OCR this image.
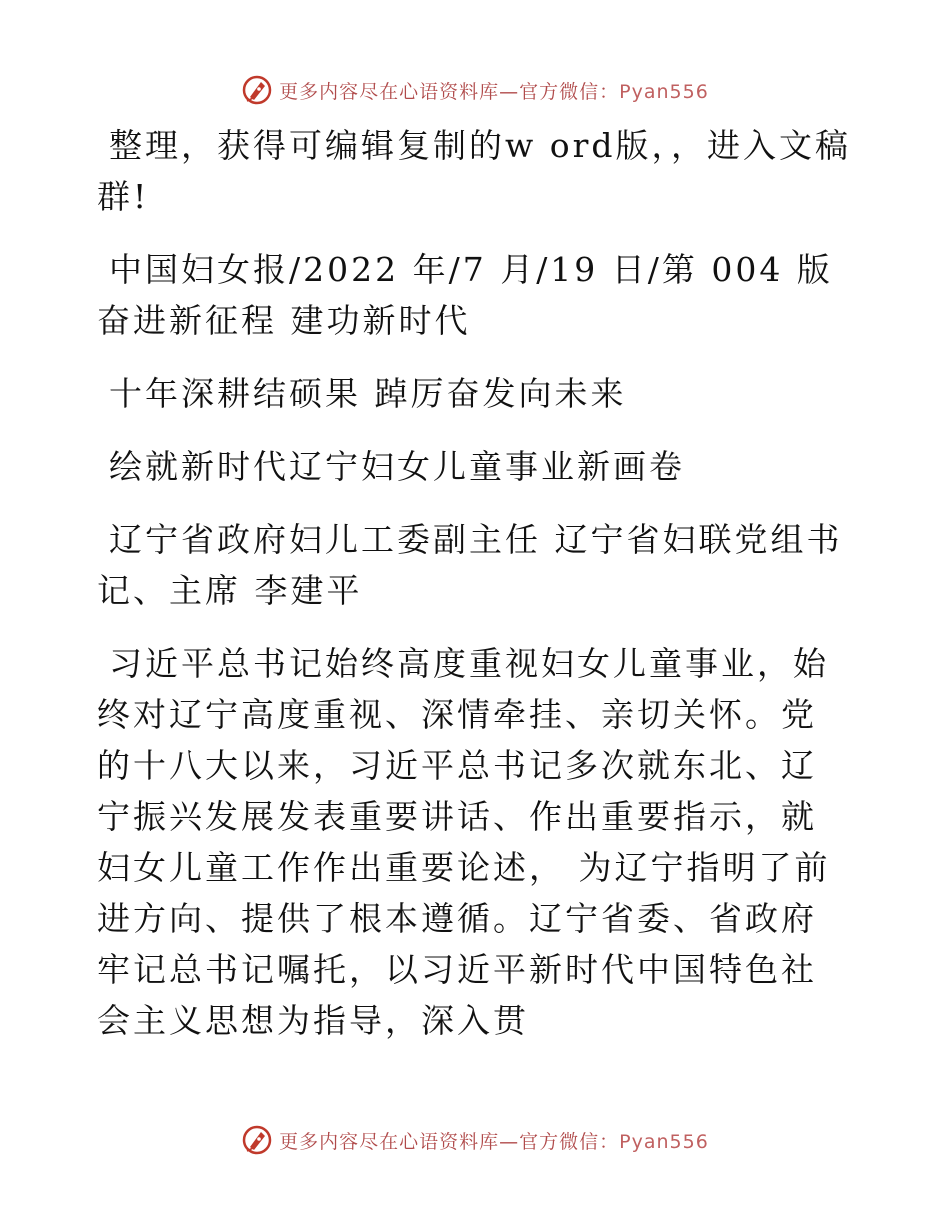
更多内容尽在心语资料库—官方微信：Pyan556

整理，获得可编辑复制的w ord版，，进入文稿群!

中国妇女报/2022 年/7 月/19 日/第 004 版奋进新征程 建功新时代

十年深耕结硕果 踔厉奋发向未来

绘就新时代辽宁妇女儿童事业新画卷

辽宁省政府妇儿工委副主任 辽宁省妇联党组书记、主席 李建平

习近平总书记始终高度重视妇女儿童事业，始终对辽宁高度重视、深情牵挂、亲切关怀。党的十八大以来，习近平总书记多次就东北、辽宁振兴发展发表重要讲话、作出重要指示，就妇女儿童工作作出重要论述， 为辽宁指明了前进方向、提供了根本遵循。辽宁省委、省政府牢记总书记嘱托，以习近平新时代中国特色社会主义思想为指导，深入贯

更多内容尽在心语资料库—官方微信：Pyan556
